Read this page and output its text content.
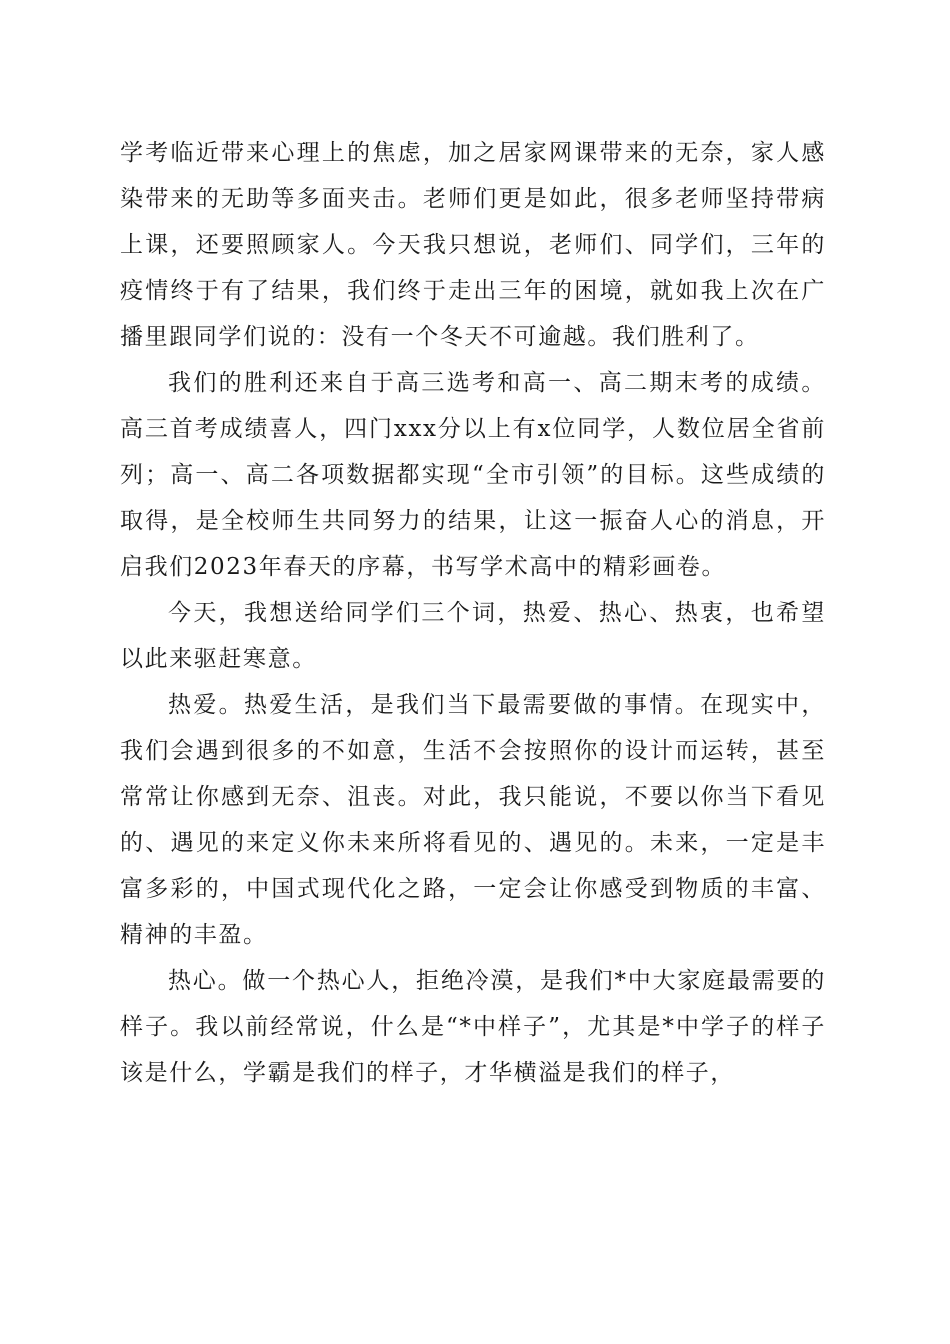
学考临近带来心理上的焦虑，加之居家网课带来的无奈，家人感染带来的无助等多面夹击。老师们更是如此，很多老师坚持带病上课，还要照顾家人。今天我只想说，老师们、同学们，三年的疫情终于有了结果，我们终于走出三年的困境，就如我上次在广播里跟同学们说的：没有一个冬天不可逾越。我们胜利了。

我们的胜利还来自于高三选考和高一、高二期末考的成绩。高三首考成绩喜人，四门xxx分以上有x位同学，人数位居全省前列；高一、高二各项数据都实现“全市引领”的目标。这些成绩的取得，是全校师生共同努力的结果，让这一振奋人心的消息，开启我们2023年春天的序幕，书写学术高中的精彩画卷。

今天，我想送给同学们三个词，热爱、热心、热衷，也希望以此来驱赶寒意。

热爱。热爱生活，是我们当下最需要做的事情。在现实中，我们会遇到很多的不如意，生活不会按照你的设计而运转，甚至常常让你感到无奈、沮丧。对此，我只能说，不要以你当下看见的、遇见的来定义你未来所将看见的、遇见的。未来，一定是丰富多彩的，中国式现代化之路，一定会让你感受到物质的丰富、精神的丰盈。

热心。做一个热心人，拒绝冷漠，是我们*中大家庭最需要的样子。我以前经常说，什么是“*中样子”，尤其是*中学子的样子该是什么，学霸是我们的样子，才华横溢是我们的样子，
